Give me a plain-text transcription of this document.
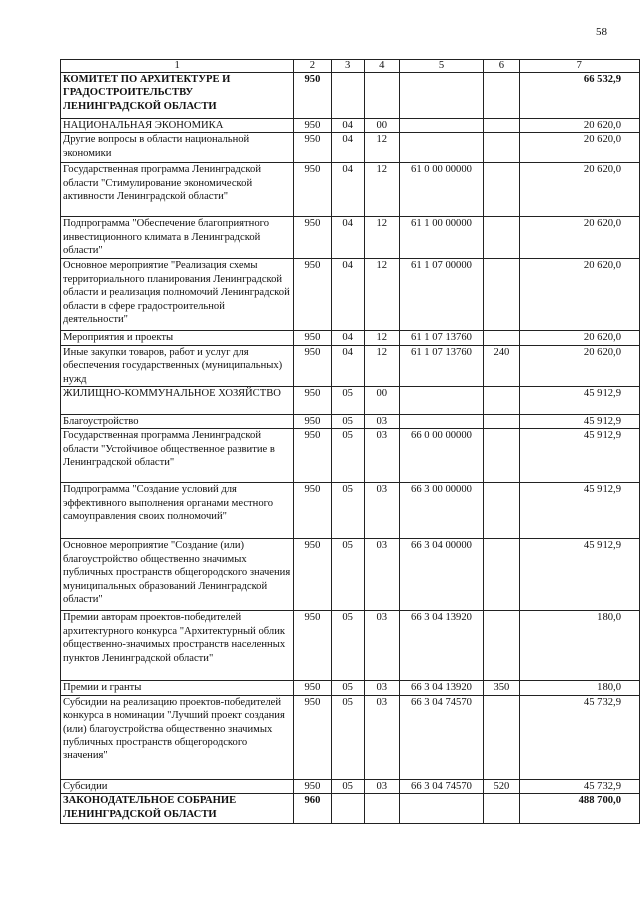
58
1	2	3	4	5	6	7
КОМИТЕТ ПО АРХИТЕКТУРЕ И ГРАДОСТРОИТЕЛЬСТВУ ЛЕНИНГРАДСКОЙ ОБЛАСТИ	950					66 532,9
НАЦИОНАЛЬНАЯ ЭКОНОМИКА	950	04	00			20 620,0
Другие вопросы в области национальной экономики	950	04	12			20 620,0
Государственная программа Ленинградской области "Стимулирование экономической активности Ленинградской области"	950	04	12	61 0 00 00000		20 620,0
Подпрограмма "Обеспечение благоприятного инвестиционного климата в Ленинградской области"	950	04	12	61 1 00 00000		20 620,0
Основное мероприятие "Реализация схемы территориального планирования Ленинградской области и реализация полномочий Ленинградской области в сфере градостроительной деятельности"	950	04	12	61 1 07 00000		20 620,0
Мероприятия и проекты	950	04	12	61 1 07 13760		20 620,0
Иные закупки товаров, работ и услуг для обеспечения государственных (муниципальных) нужд	950	04	12	61 1 07 13760	240	20 620,0
ЖИЛИЩНО-КОММУНАЛЬНОЕ ХОЗЯЙСТВО	950	05	00			45 912,9
Благоустройство	950	05	03			45 912,9
Государственная программа Ленинградской области "Устойчивое общественное развитие в Ленинградской области"	950	05	03	66 0 00 00000		45 912,9
Подпрограмма "Создание условий для эффективного выполнения органами местного самоуправления своих полномочий"	950	05	03	66 3 00 00000		45 912,9
Основное мероприятие "Создание (или) благоустройство общественно значимых публичных пространств общегородского значения муниципальных образований Ленинградской области"	950	05	03	66 3 04 00000		45 912,9
Премии авторам проектов-победителей архитектурного конкурса "Архитектурный облик общественно-значимых пространств населенных пунктов Ленинградской области"	950	05	03	66 3 04 13920		180,0
Премии и гранты	950	05	03	66 3 04 13920	350	180,0
Субсидии на реализацию проектов-победителей конкурса в номинации "Лучший проект создания (или) благоустройства общественно значимых публичных пространств общегородского значения"	950	05	03	66 3 04 74570		45 732,9
Субсидии	950	05	03	66 3 04 74570	520	45 732,9
ЗАКОНОДАТЕЛЬНОЕ СОБРАНИЕ ЛЕНИНГРАДСКОЙ ОБЛАСТИ	960					488 700,0
